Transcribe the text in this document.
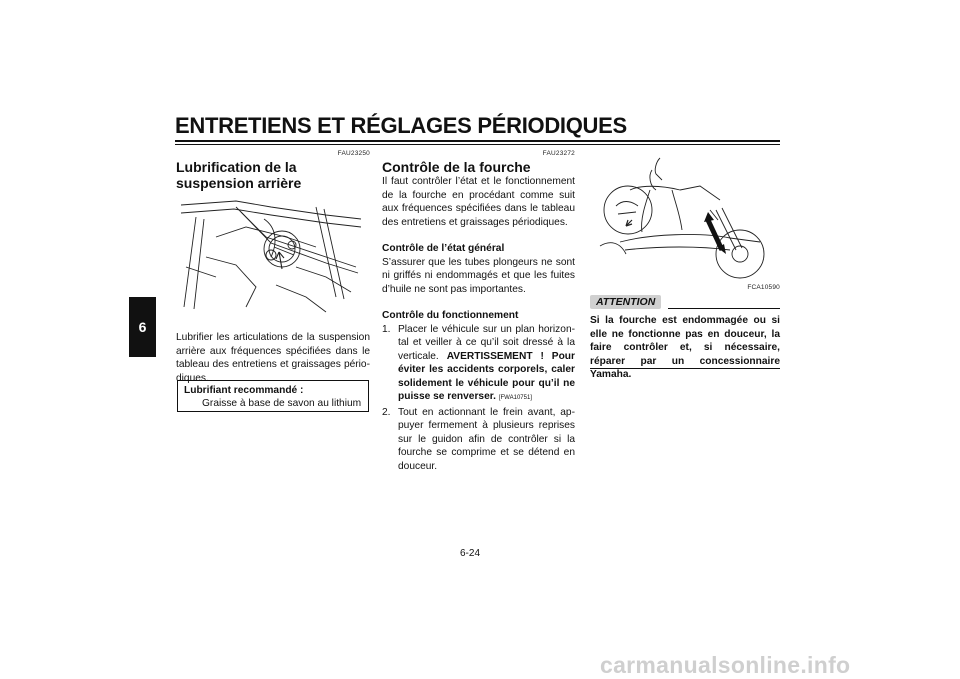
ENTRETIENS ET RÉGLAGES PÉRIODIQUES
6
FAU23250
Lubrification de la suspension arrière
Lubrifier les articulations de la suspension arrière aux fréquences spécifiées dans le tableau des entretiens et graissages pério-diques.
Lubrifiant recommandé :
Graisse à base de savon au lithium
FAU23272
Contrôle de la fourche
Il faut contrôler l’état et le fonctionnement de la fourche en procédant comme suit aux fréquences spécifiées dans le tableau des entretiens et graissages périodiques.
Contrôle de l’état général
S’assurer que les tubes plongeurs ne sont ni griffés ni endommagés et que les fuites d’huile ne sont pas importantes.
Contrôle du fonctionnement
1. Placer le véhicule sur un plan horizon-tal et veiller à ce qu’il soit dressé à la verticale. AVERTISSEMENT ! Pour éviter les accidents corporels, caler solidement le véhicule pour qu’il ne puisse se renverser. [FWA10751]
2. Tout en actionnant le frein avant, ap-puyer fermement à plusieurs reprises sur le guidon afin de contrôler si la fourche se comprime et se détend en douceur.
FCA10590
ATTENTION
Si la fourche est endommagée ou si elle ne fonctionne pas en douceur, la faire contrôler et, si nécessaire, réparer par un concessionnaire Yamaha.
6-24
carmanualsonline.info
